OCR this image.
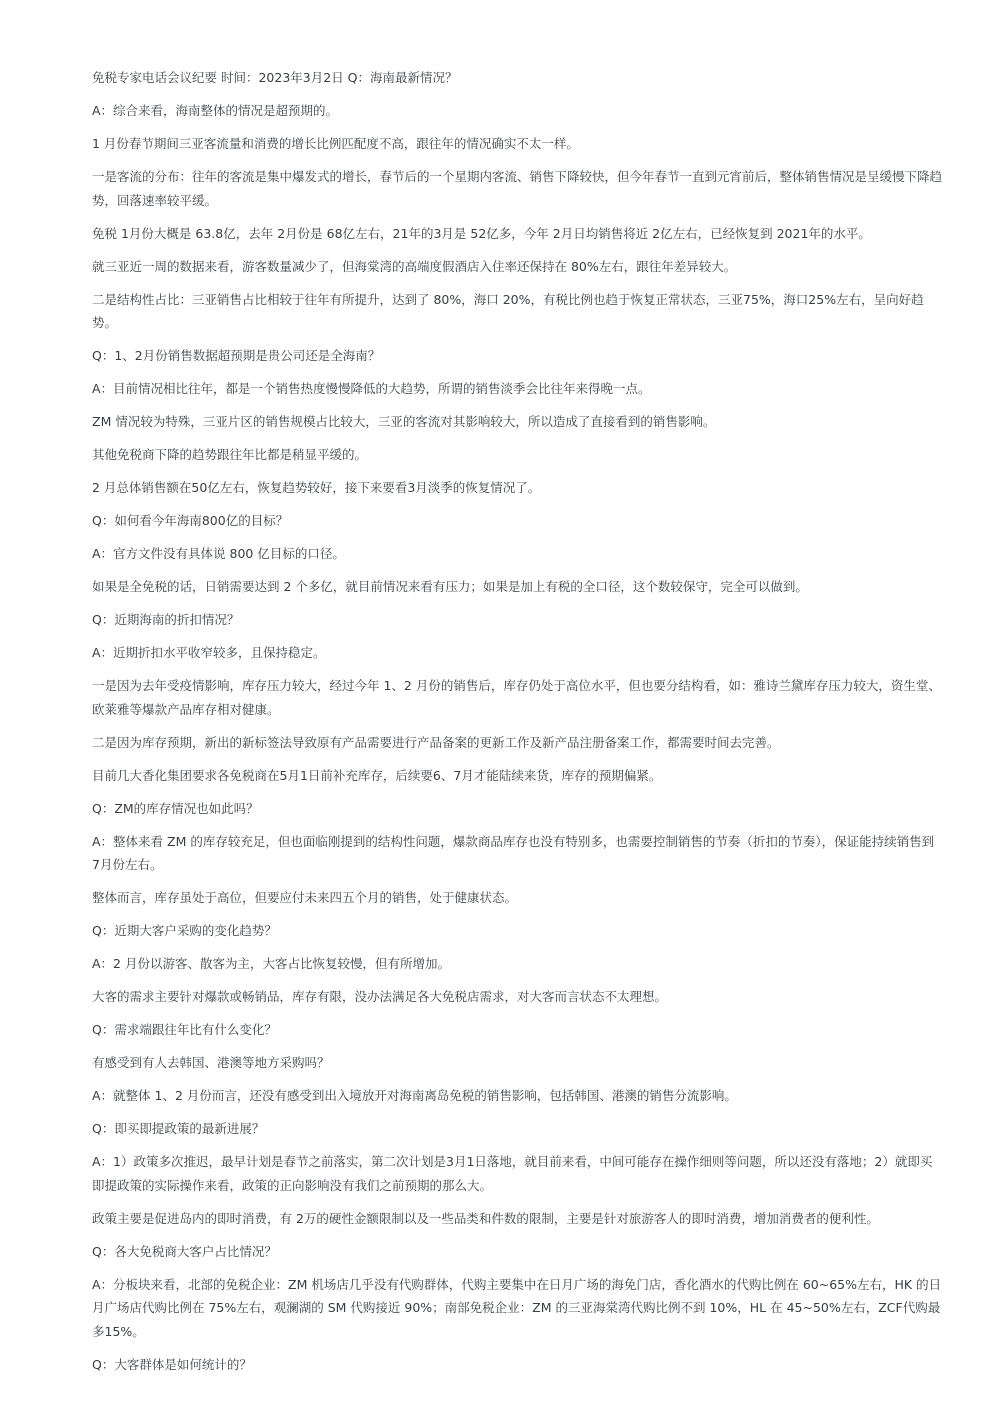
免税专家电话会议纪要 时间：2023年3月2日 Q：海南最新情况？

A：综合来看，海南整体的情况是超预期的。

1 月份春节期间三亚客流量和消费的增长比例匹配度不高，跟往年的情况确实不太一样。

一是客流的分布：往年的客流是集中爆发式的增长，春节后的一个星期内客流、销售下降较快，但今年春节一直到元宵前后，整体销售情况是呈缓慢下降趋势，回落速率较平缓。

免税 1月份大概是 63.8亿，去年 2月份是 68亿左右，21年的3月是 52亿多，今年 2月日均销售将近 2亿左右，已经恢复到 2021年的水平。

就三亚近一周的数据来看，游客数量减少了，但海棠湾的高端度假酒店入住率还保持在 80%左右，跟往年差异较大。

二是结构性占比：三亚销售占比相较于往年有所提升，达到了 80%，海口 20%，有税比例也趋于恢复正常状态，三亚75%，海口25%左右，呈向好趋势。

Q：1、2月份销售数据超预期是贵公司还是全海南？

A：目前情况相比往年，都是一个销售热度慢慢降低的大趋势，所谓的销售淡季会比往年来得晚一点。

ZM 情况较为特殊，三亚片区的销售规模占比较大，三亚的客流对其影响较大，所以造成了直接看到的销售影响。

其他免税商下降的趋势跟往年比都是稍显平缓的。

2 月总体销售额在50亿左右，恢复趋势较好，接下来要看3月淡季的恢复情况了。

Q：如何看今年海南800亿的目标？

A：官方文件没有具体说 800 亿目标的口径。

如果是全免税的话，日销需要达到 2 个多亿，就目前情况来看有压力；如果是加上有税的全口径，这个数较保守，完全可以做到。

Q：近期海南的折扣情况？

A：近期折扣水平收窄较多，且保持稳定。

一是因为去年受疫情影响，库存压力较大，经过今年 1、2 月份的销售后，库存仍处于高位水平，但也要分结构看，如：雅诗兰黛库存压力较大，资生堂、欧莱雅等爆款产品库存相对健康。

二是因为库存预期，新出的新标签法导致原有产品需要进行产品备案的更新工作及新产品注册备案工作，都需要时间去完善。

目前几大香化集团要求各免税商在5月1日前补充库存，后续要6、7月才能陆续来货，库存的预期偏紧。

Q：ZM的库存情况也如此吗？

A：整体来看 ZM 的库存较充足，但也面临刚提到的结构性问题，爆款商品库存也没有特别多，也需要控制销售的节奏（折扣的节奏），保证能持续销售到 7月份左右。

整体而言，库存虽处于高位，但要应付未来四五个月的销售，处于健康状态。

Q：近期大客户采购的变化趋势？

A：2 月份以游客、散客为主，大客占比恢复较慢，但有所增加。

大客的需求主要针对爆款或畅销品，库存有限，没办法满足各大免税店需求，对大客而言状态不太理想。

Q：需求端跟往年比有什么变化？

有感受到有人去韩国、港澳等地方采购吗？

A：就整体 1、2 月份而言，还没有感受到出入境放开对海南离岛免税的销售影响，包括韩国、港澳的销售分流影响。

Q：即买即提政策的最新进展？

A：1）政策多次推迟，最早计划是春节之前落实，第二次计划是3月1日落地，就目前来看，中间可能存在操作细则等问题，所以还没有落地；2）就即买即提政策的实际操作来看，政策的正向影响没有我们之前预期的那么大。

政策主要是促进岛内的即时消费，有 2万的硬性金额限制以及一些品类和件数的限制，主要是针对旅游客人的即时消费，增加消费者的便利性。

Q：各大免税商大客户占比情况？

A：分板块来看，北部的免税企业：ZM 机场店几乎没有代购群体，代购主要集中在日月广场的海免门店，香化酒水的代购比例在 60~65%左右，HK 的日月广场店代购比例在 75%左右，观澜湖的 SM 代购接近 90%；南部免税企业：ZM 的三亚海棠湾代购比例不到 10%，HL 在 45~50%左右，ZCF代购最多15%。

Q：大客群体是如何统计的？
